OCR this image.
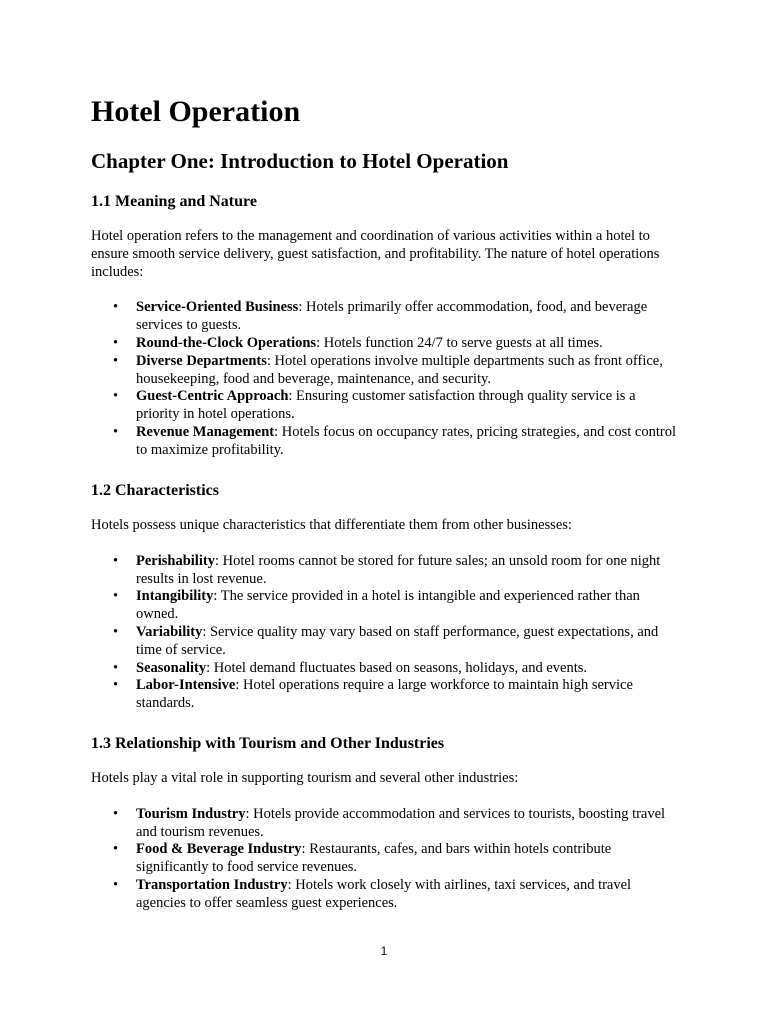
Hotel Operation
Chapter One: Introduction to Hotel Operation
1.1 Meaning and Nature

Hotel operation refers to the management and coordination of various activities within a hotel to ensure smooth service delivery, guest satisfaction, and profitability. The nature of hotel operations includes:

• Service-Oriented Business: Hotels primarily offer accommodation, food, and beverage services to guests.
• Round-the-Clock Operations: Hotels function 24/7 to serve guests at all times.
• Diverse Departments: Hotel operations involve multiple departments such as front office, housekeeping, food and beverage, maintenance, and security.
• Guest-Centric Approach: Ensuring customer satisfaction through quality service is a priority in hotel operations.
• Revenue Management: Hotels focus on occupancy rates, pricing strategies, and cost control to maximize profitability.
1.2 Characteristics

Hotels possess unique characteristics that differentiate them from other businesses:

• Perishability: Hotel rooms cannot be stored for future sales; an unsold room for one night results in lost revenue.
• Intangibility: The service provided in a hotel is intangible and experienced rather than owned.
• Variability: Service quality may vary based on staff performance, guest expectations, and time of service.
• Seasonality: Hotel demand fluctuates based on seasons, holidays, and events.
• Labor-Intensive: Hotel operations require a large workforce to maintain high service standards.
1.3 Relationship with Tourism and Other Industries

Hotels play a vital role in supporting tourism and several other industries:

• Tourism Industry: Hotels provide accommodation and services to tourists, boosting travel and tourism revenues.
• Food & Beverage Industry: Restaurants, cafes, and bars within hotels contribute significantly to food service revenues.
• Transportation Industry: Hotels work closely with airlines, taxi services, and travel agencies to offer seamless guest experiences.
1
